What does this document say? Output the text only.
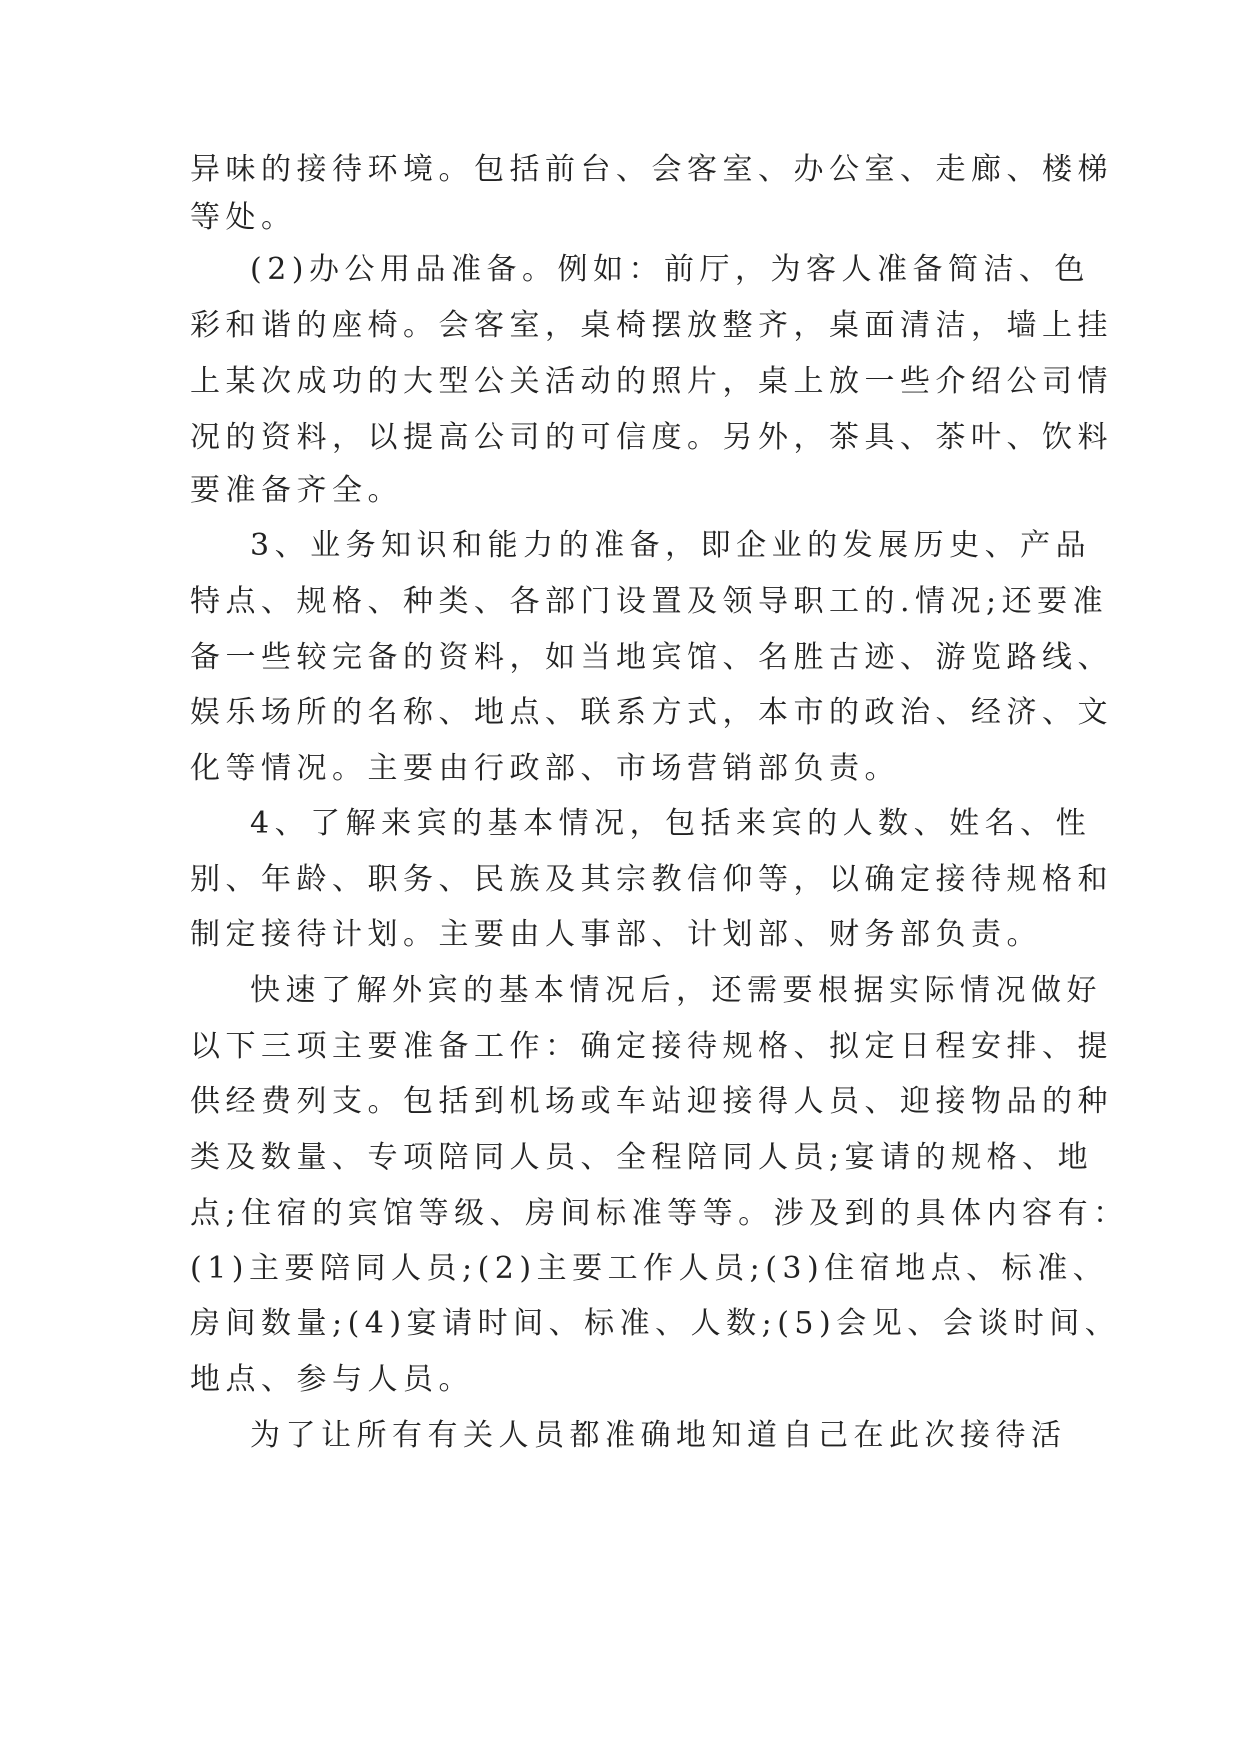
异味的接待环境。包括前台、会客室、办公室、走廊、楼梯
等处。
(2)办公用品准备。例如：前厅，为客人准备简洁、色
彩和谐的座椅。会客室，桌椅摆放整齐，桌面清洁，墙上挂
上某次成功的大型公关活动的照片，桌上放一些介绍公司情
况的资料，以提高公司的可信度。另外，茶具、茶叶、饮料
要准备齐全。
3、业务知识和能力的准备，即企业的发展历史、产品
特点、规格、种类、各部门设置及领导职工的.情况;还要准
备一些较完备的资料，如当地宾馆、名胜古迹、游览路线、
娱乐场所的名称、地点、联系方式，本市的政治、经济、文
化等情况。主要由行政部、市场营销部负责。
4、了解来宾的基本情况，包括来宾的人数、姓名、性
别、年龄、职务、民族及其宗教信仰等，以确定接待规格和
制定接待计划。主要由人事部、计划部、财务部负责。
快速了解外宾的基本情况后，还需要根据实际情况做好
以下三项主要准备工作：确定接待规格、拟定日程安排、提
供经费列支。包括到机场或车站迎接得人员、迎接物品的种
类及数量、专项陪同人员、全程陪同人员;宴请的规格、地
点;住宿的宾馆等级、房间标准等等。涉及到的具体内容有：
(1)主要陪同人员;(2)主要工作人员;(3)住宿地点、标准、
房间数量;(4)宴请时间、标准、人数;(5)会见、会谈时间、
地点、参与人员。
为了让所有有关人员都准确地知道自己在此次接待活
